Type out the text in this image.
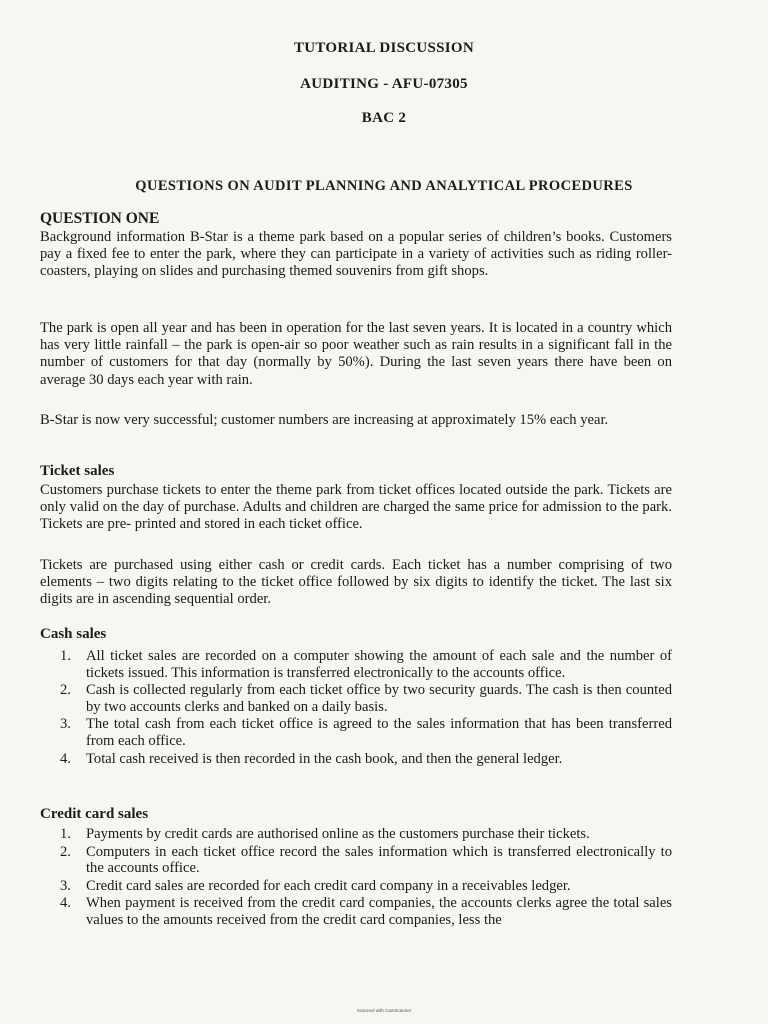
TUTORIAL DISCUSSION
AUDITING - AFU-07305
BAC 2
QUESTIONS ON AUDIT PLANNING AND ANALYTICAL PROCEDURES
QUESTION ONE
Background information B-Star is a theme park based on a popular series of children’s books. Customers pay a fixed fee to enter the park, where they can participate in a variety of activities such as riding roller-coasters, playing on slides and purchasing themed souvenirs from gift shops.
The park is open all year and has been in operation for the last seven years. It is located in a country which has very little rainfall – the park is open-air so poor weather such as rain results in a significant fall in the number of customers for that day (normally by 50%). During the last seven years there have been on average 30 days each year with rain.
B-Star is now very successful; customer numbers are increasing at approximately 15% each year.
Ticket sales
Customers purchase tickets to enter the theme park from ticket offices located outside the park. Tickets are only valid on the day of purchase. Adults and children are charged the same price for admission to the park. Tickets are pre- printed and stored in each ticket office.
Tickets are purchased using either cash or credit cards. Each ticket has a number comprising of two elements – two digits relating to the ticket office followed by six digits to identify the ticket. The last six digits are in ascending sequential order.
Cash sales
1. All ticket sales are recorded on a computer showing the amount of each sale and the number of tickets issued. This information is transferred electronically to the accounts office.
2. Cash is collected regularly from each ticket office by two security guards. The cash is then counted by two accounts clerks and banked on a daily basis.
3. The total cash from each ticket office is agreed to the sales information that has been transferred from each office.
4. Total cash received is then recorded in the cash book, and then the general ledger.
Credit card sales
1. Payments by credit cards are authorised online as the customers purchase their tickets.
2. Computers in each ticket office record the sales information which is transferred electronically to the accounts office.
3. Credit card sales are recorded for each credit card company in a receivables ledger.
4. When payment is received from the credit card companies, the accounts clerks agree the total sales values to the amounts received from the credit card companies, less the
Scanned with CamScanner
